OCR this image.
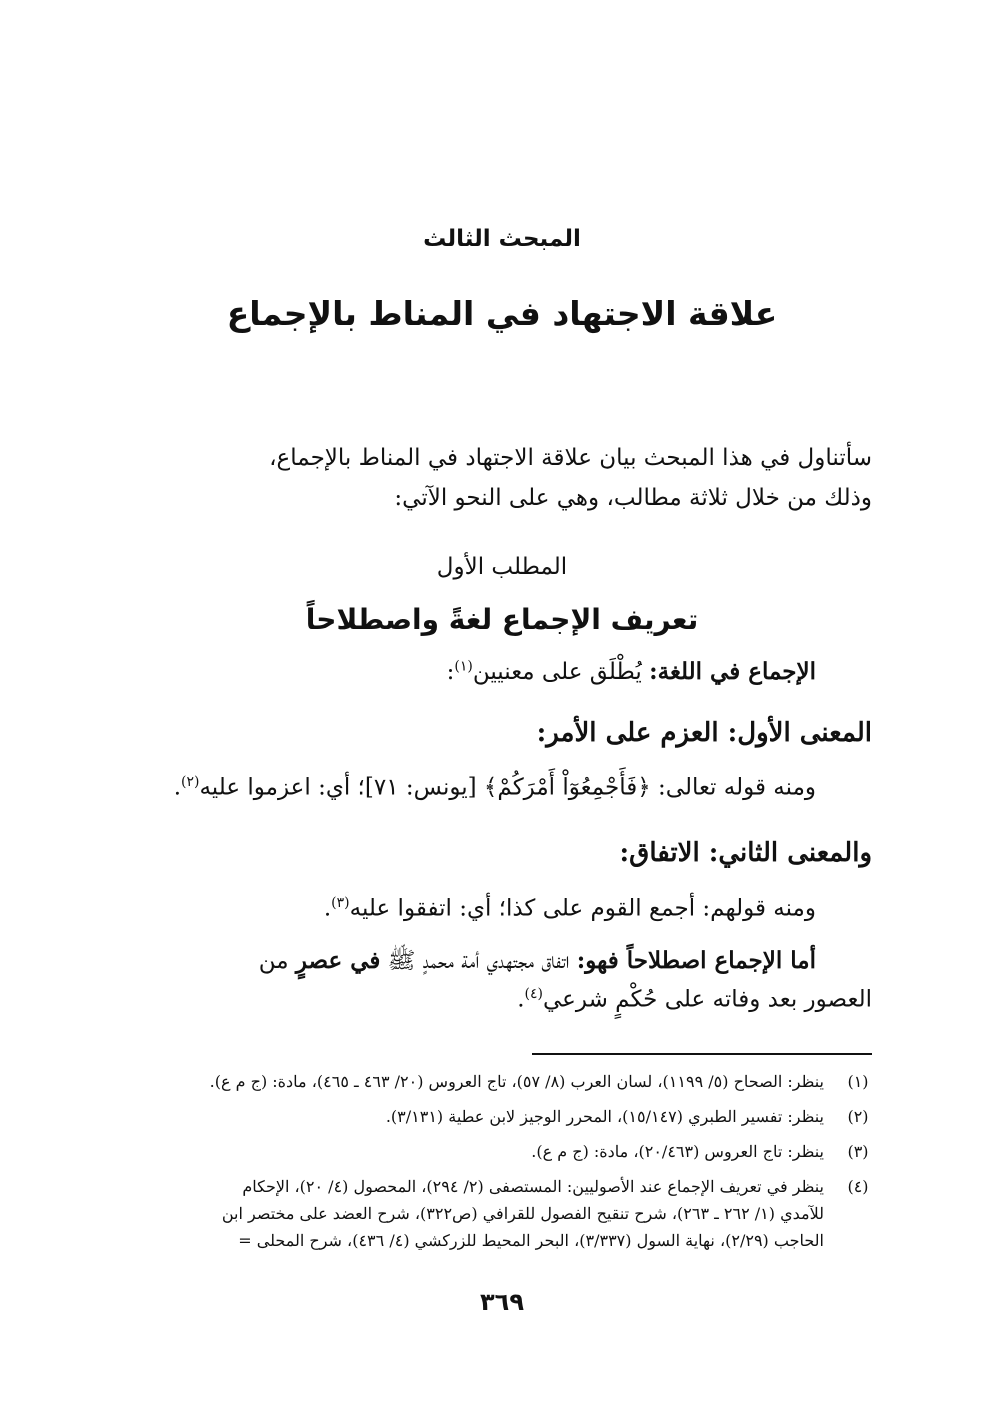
المبحث الثالث
علاقة الاجتهاد في المناط بالإجماع

سأتناول في هذا المبحث بيان علاقة الاجتهاد في المناط بالإجماع،

وذلك من خلال ثلاثة مطالب، وهي على النحو الآتي:

المطلب الأول
تعريف الإجماع لغةً واصطلاحاً
الإجماع في اللغة: يُطْلَق على معنيين$^{(١)}$:
المعنى الأول: العزم على الأمر:
ومنه قوله تعالى: ﴿فَأَجْمِعُوٓاْ أَمْرَكُمْ﴾ [يونس: ٧١]؛ أي: اعزموا عليه$^{(٢)}$.
والمعنى الثاني: الاتفاق:
ومنه قولهم: أجمع القوم على كذا؛ أي: اتفقوا عليه$^{(٣)}$.
أما الإجماع اصطلاحاً فهو: اتفاق مجتهدي أمة محمدٍ ﷺ في عصرٍ من
العصور بعد وفاته على حُكْمٍ شرعي$^{(٤)}$.
(١)
ينظر: الصحاح (٥/ ١١٩٩)، لسان العرب (٨/ ٥٧)، تاج العروس (٢٠/ ٤٦٣ ـ ٤٦٥)، مادة: (ج م ع).
(٢)
ينظر: تفسير الطبري (١٥/١٤٧)، المحرر الوجيز لابن عطية (٣/١٣١).
(٣)
ينظر: تاج العروس (٢٠/٤٦٣)، مادة: (ج م ع).
(٤)
ينظر في تعريف الإجماع عند الأصوليين: المستصفى (٢/ ٢٩٤)، المحصول (٤/ ٢٠)، الإحكام
للآمدي (١/ ٢٦٢ ـ ٢٦٣)، شرح تنقيح الفصول للقرافي (ص٣٢٢)، شرح العضد على مختصر ابن
الحاجب (٢/٢٩)، نهاية السول (٣/٣٣٧)، البحر المحيط للزركشي (٤/ ٤٣٦)، شرح المحلى =
٣٦٩
